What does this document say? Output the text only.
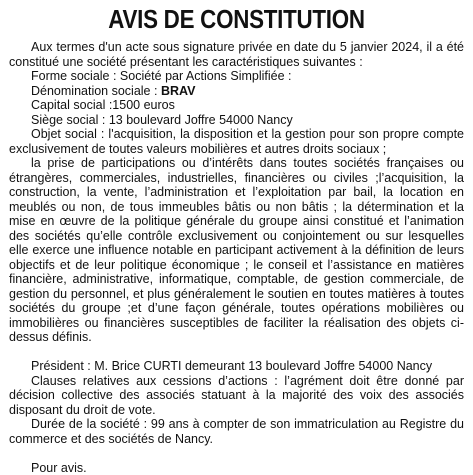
AVIS DE CONSTITUTION

Aux termes d'un acte sous signature privée en date du 5 janvier 2024, il a été constitué une société présentant les caractéristiques suivantes :

Forme sociale : Société par Actions Simplifiée :

Dénomination sociale : BRAV

Capital social :1500 euros

Siège social : 13 boulevard Joffre 54000 Nancy

Objet social : l'acquisition, la disposition et la gestion pour son propre compte exclusivement de toutes valeurs mobilières et autres droits sociaux ;

la prise de participations ou d’intérêts dans toutes sociétés françaises ou étrangères, commerciales, industrielles, financières ou civiles ;l’acquisition, la construction, la vente, l’administration et l’exploitation par bail, la location en meublés ou non, de tous immeubles bâtis ou non bâtis ; la détermination et la mise en œuvre de la politique générale du groupe ainsi constitué et l’animation des sociétés qu’elle contrôle exclusivement ou conjointement ou sur lesquelles elle exerce une influence notable en participant activement à la définition de leurs objectifs et de leur politique économique ; le conseil et l’assistance en matières financière, administrative, informatique, comptable, de gestion commerciale, de gestion du personnel, et plus généralement le soutien en toutes matières à toutes sociétés du groupe ;et d’une façon générale, toutes opérations mobilières ou immobilières ou financières susceptibles de faciliter la réalisation des objets ci-dessus définis.

Président : M. Brice CURTI demeurant 13 boulevard Joffre 54000 Nancy

Clauses relatives aux cessions d’actions : l’agrément doit être donné par décision collective des associés statuant à la majorité des voix des associés disposant du droit de vote.

Durée de la société : 99 ans à compter de son immatriculation au Registre du commerce et des sociétés de Nancy.

Pour avis.
